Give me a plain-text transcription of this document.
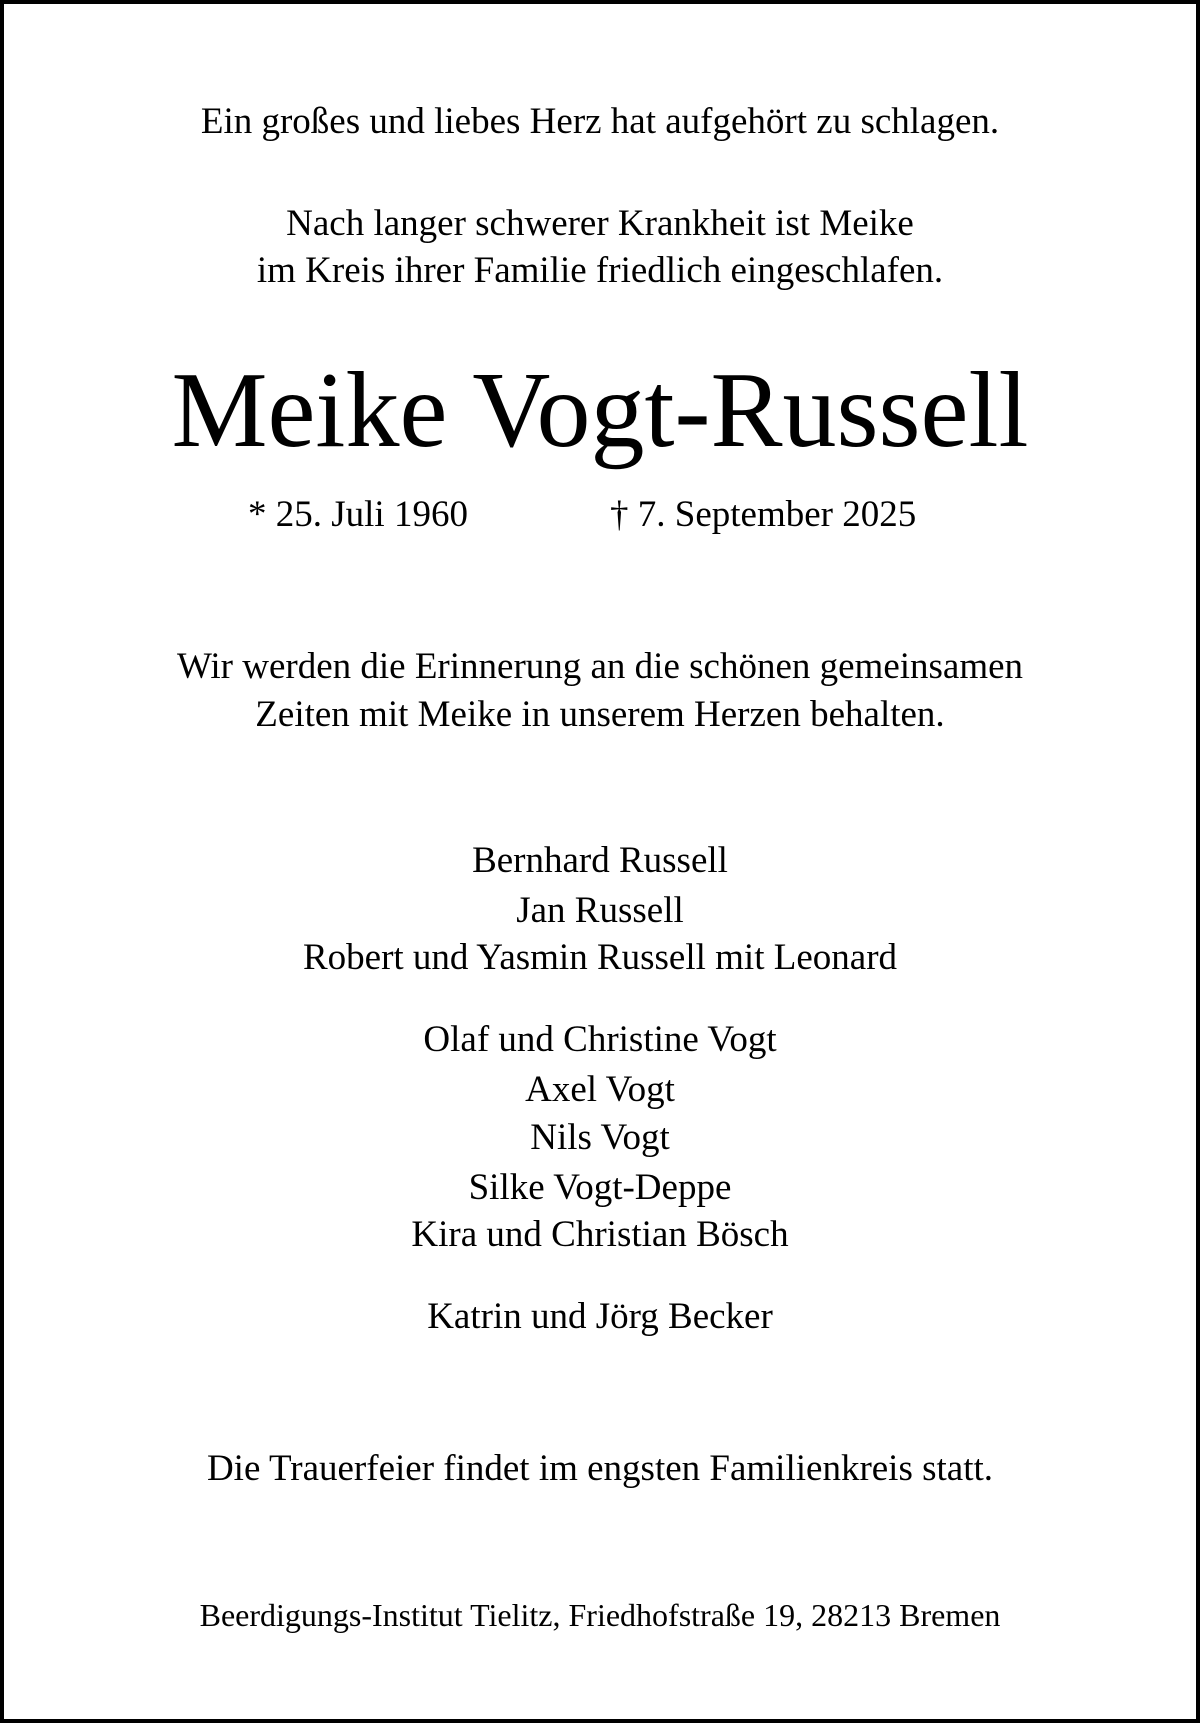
Ein großes und liebes Herz hat aufgehört zu schlagen.
Nach langer schwerer Krankheit ist Meike
im Kreis ihrer Familie friedlich eingeschlafen.
Meike Vogt-Russell
* 25. Juli 1960	† 7. September 2025
Wir werden die Erinnerung an die schönen gemeinsamen
Zeiten mit Meike in unserem Herzen behalten.
Bernhard Russell
Jan Russell
Robert und Yasmin Russell mit Leonard
Olaf und Christine Vogt
Axel Vogt
Nils Vogt
Silke Vogt-Deppe
Kira und Christian Bösch
Katrin und Jörg Becker
Die Trauerfeier findet im engsten Familienkreis statt.
Beerdigungs-Institut Tielitz, Friedhofstraße 19, 28213 Bremen
